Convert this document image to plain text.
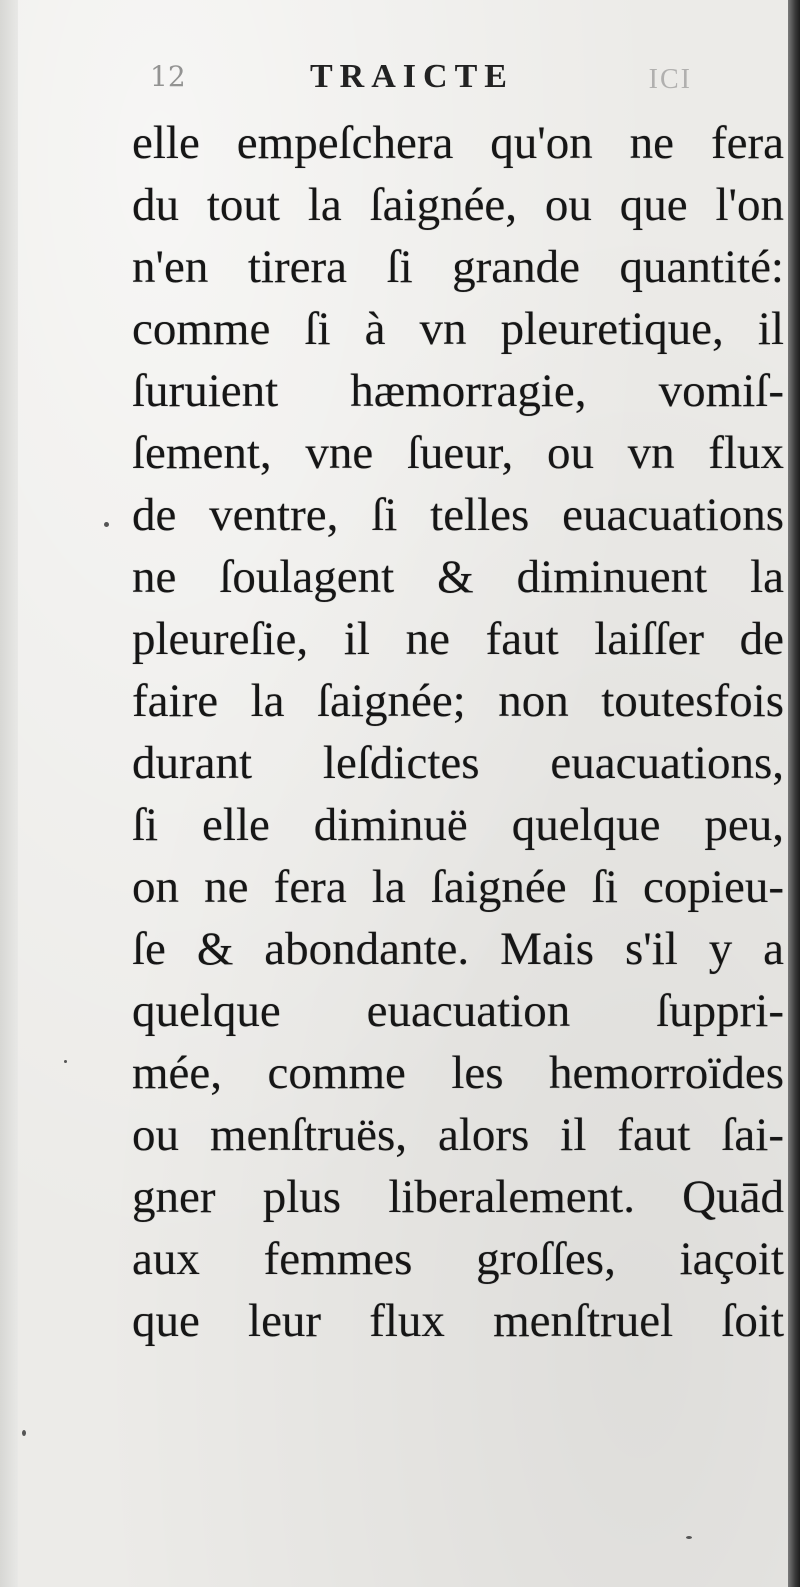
12	TRAICTE	ICI
elle empeſchera qu'on ne fera
du tout la ſaignée, ou que l'on
n'en tirera ſi grande quantité:
comme ſi à vn pleuretique, il
ſuruient hæmorragie, vomiſ-
ſement, vne ſueur, ou vn flux
de ventre, ſi telles euacuations
ne ſoulagent & diminuent la
pleureſie, il ne faut laiſſer de
faire la ſaignée; non toutesfois
durant leſdictes euacuations,
ſi elle diminuë quelque peu,
on ne fera la ſaignée ſi copieu-
ſe & abondante. Mais s'il y a
quelque euacuation ſuppri-
mée, comme les hemorroïdes
ou menſtruës, alors il faut ſai-
gner plus liberalement. Quād
aux femmes groſſes, iaçoit
que leur flux menſtruel ſoit
